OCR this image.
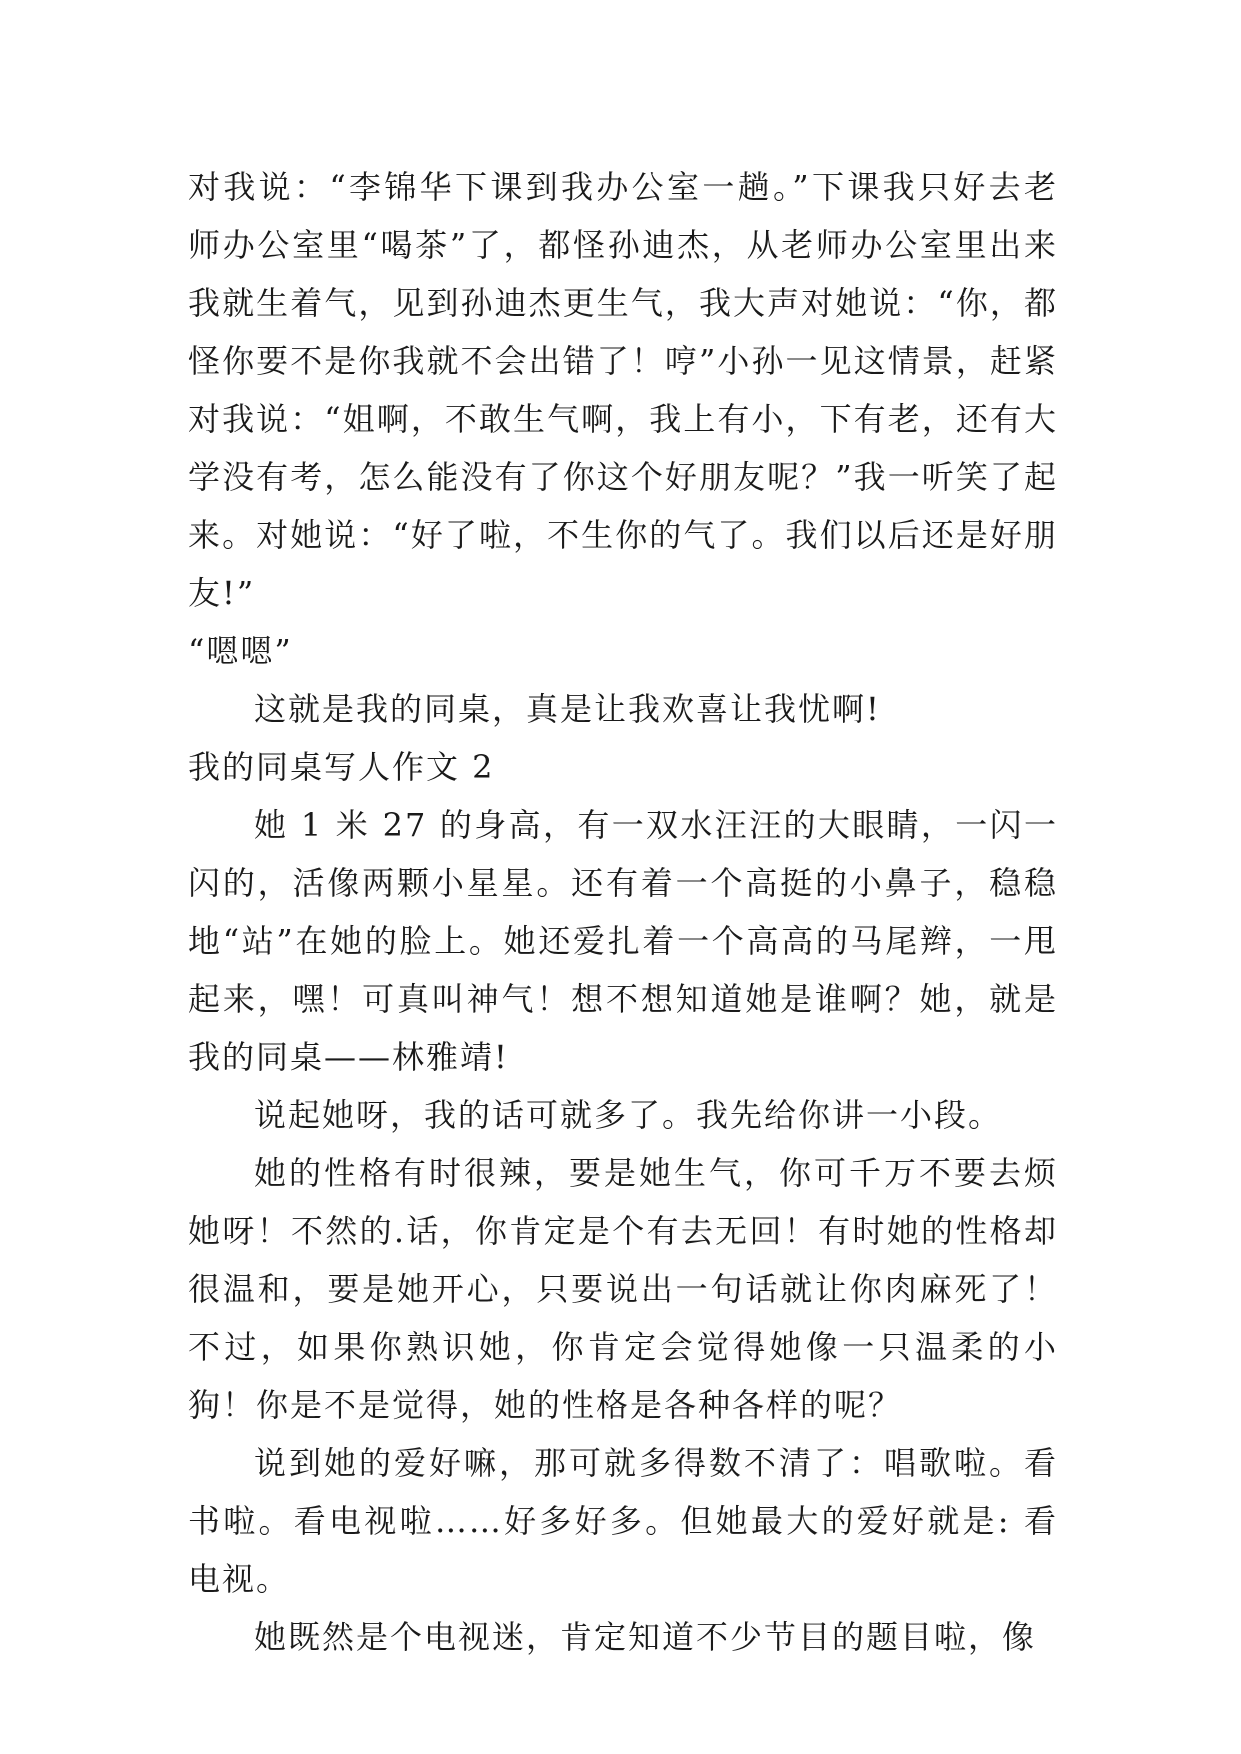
对我说：“李锦华下课到我办公室一趟。”下课我只好去老师办公室里“喝茶”了，都怪孙迪杰，从老师办公室里出来我就生着气，见到孙迪杰更生气，我大声对她说：“你，都怪你要不是你我就不会出错了！哼”小孙一见这情景，赶紧对我说：“姐啊，不敢生气啊，我上有小，下有老，还有大学没有考，怎么能没有了你这个好朋友呢？”我一听笑了起来。对她说：“好了啦，不生你的气了。我们以后还是好朋友!”

“嗯嗯”

这就是我的同桌，真是让我欢喜让我忧啊!

我的同桌写人作文 2

她 1 米 27 的身高，有一双水汪汪的大眼睛，一闪一闪的，活像两颗小星星。还有着一个高挺的小鼻子，稳稳地“站”在她的脸上。她还爱扎着一个高高的马尾辫，一甩起来，嘿！可真叫神气！想不想知道她是谁啊？她，就是我的同桌——林雅靖!

说起她呀，我的话可就多了。我先给你讲一小段。

她的性格有时很辣，要是她生气，你可千万不要去烦她呀！不然的.话，你肯定是个有去无回！有时她的性格却很温和，要是她开心，只要说出一句话就让你肉麻死了！不过，如果你熟识她，你肯定会觉得她像一只温柔的小狗！你是不是觉得，她的性格是各种各样的呢？

说到她的爱好嘛，那可就多得数不清了：唱歌啦。看书啦。看电视啦……好多好多。但她最大的爱好就是: 看电视。

她既然是个电视迷，肯定知道不少节目的题目啦，像
